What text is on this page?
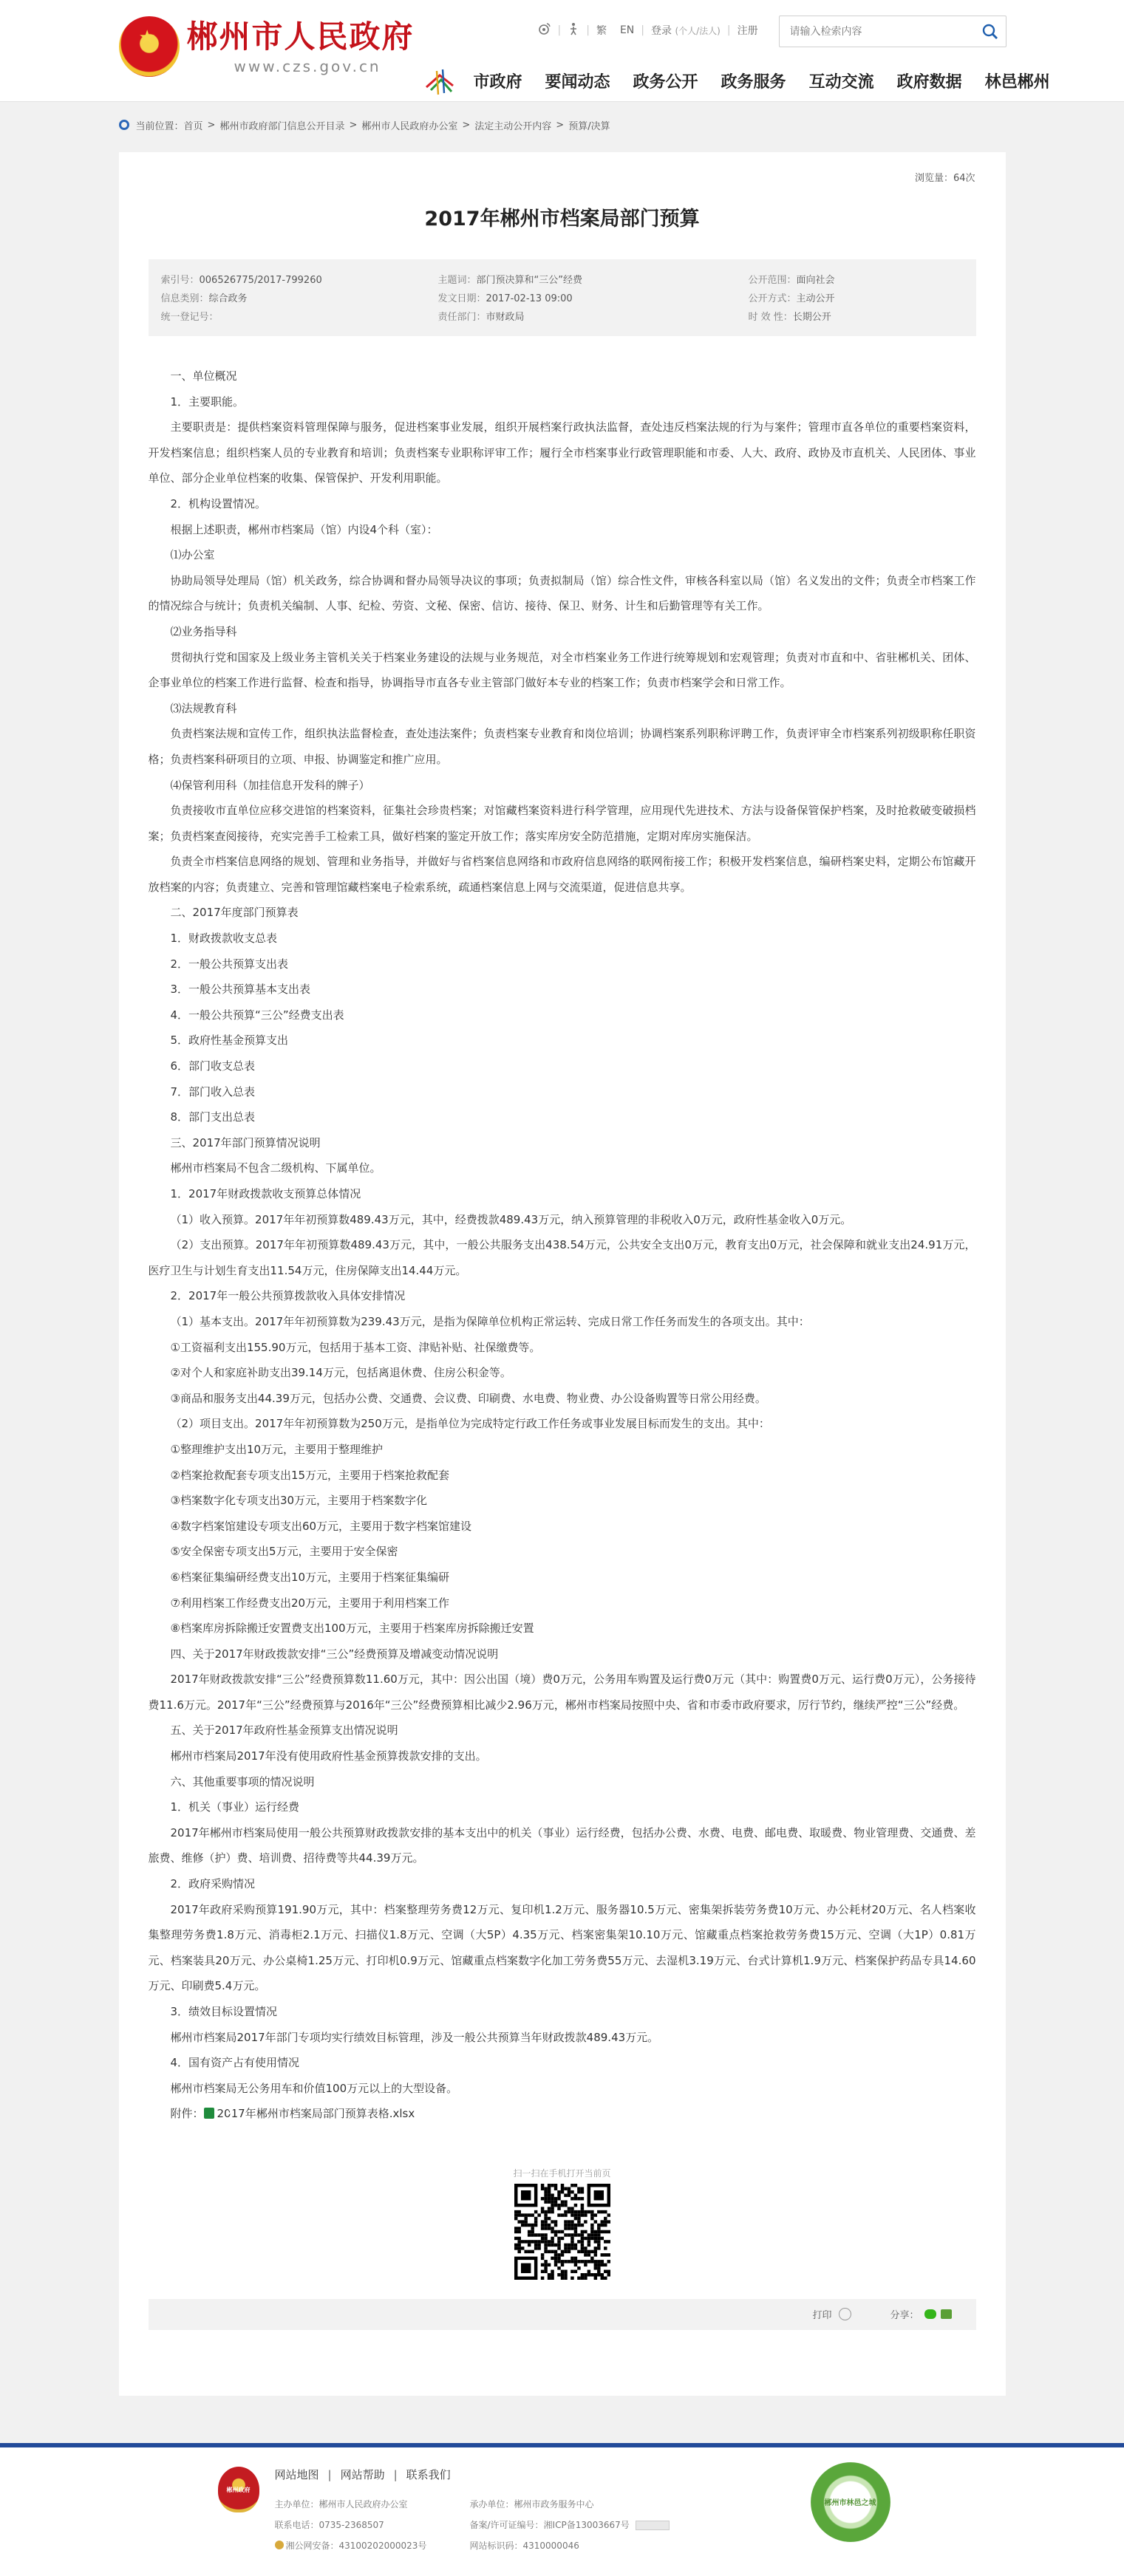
★
郴州市人民政府
www.czs.gov.cn
| | 繁 EN | 登录 (个人/法人) | 注册
请输入检索内容
市政府 要闻动态 政务公开 政务服务 互动交流 政府数据 林邑郴州
当前位置： 首页 > 郴州市政府部门信息公开目录 > 郴州市人民政府办公室 > 法定主动公开内容 > 预算/决算
浏览量：64次
2017年郴州市档案局部门预算
索引号：006526775/2017-799260	主题词：部门预决算和“三公”经费	公开范围：面向社会
信息类别：综合政务	发文日期：2017-02-13 09:00	公开方式：主动公开
统一登记号：	责任部门：市财政局	时 效 性：长期公开

一、单位概况

1．主要职能。

主要职责是：提供档案资料管理保障与服务，促进档案事业发展，组织开展档案行政执法监督，查处违反档案法规的行为与案件；管理市直各单位的重要档案资料，开发档案信息；组织档案人员的专业教育和培训；负责档案专业职称评审工作；履行全市档案事业行政管理职能和市委、人大、政府、政协及市直机关、人民团体、事业单位、部分企业单位档案的收集、保管保护、开发利用职能。

2．机构设置情况。

根据上述职责，郴州市档案局（馆）内设4个科（室）：

⑴办公室

协助局领导处理局（馆）机关政务，综合协调和督办局领导决议的事项；负责拟制局（馆）综合性文件，审核各科室以局（馆）名义发出的文件；负责全市档案工作的情况综合与统计；负责机关编制、人事、纪检、劳资、文秘、保密、信访、接待、保卫、财务、计生和后勤管理等有关工作。

⑵业务指导科

贯彻执行党和国家及上级业务主管机关关于档案业务建设的法规与业务规范，对全市档案业务工作进行统筹规划和宏观管理；负责对市直和中、省驻郴机关、团体、企事业单位的档案工作进行监督、检查和指导，协调指导市直各专业主管部门做好本专业的档案工作；负责市档案学会和日常工作。

⑶法规教育科

负责档案法规和宣传工作，组织执法监督检查，查处违法案件；负责档案专业教育和岗位培训；协调档案系列职称评聘工作，负责评审全市档案系列初级职称任职资格；负责档案科研项目的立项、申报、协调鉴定和推广应用。

⑷保管利用科（加挂信息开发科的牌子）

负责接收市直单位应移交进馆的档案资料，征集社会珍贵档案；对馆藏档案资料进行科学管理，应用现代先进技术、方法与设备保管保护档案，及时抢救破变破损档案；负责档案查阅接待，充实完善手工检索工具，做好档案的鉴定开放工作；落实库房安全防范措施，定期对库房实施保洁。

负责全市档案信息网络的规划、管理和业务指导，并做好与省档案信息网络和市政府信息网络的联网衔接工作；积极开发档案信息，编研档案史料，定期公布馆藏开放档案的内容；负责建立、完善和管理馆藏档案电子检索系统，疏通档案信息上网与交流渠道，促进信息共享。

二、2017年度部门预算表

1．财政拨款收支总表

2．一般公共预算支出表

3．一般公共预算基本支出表

4．一般公共预算“三公”经费支出表

5．政府性基金预算支出

6．部门收支总表

7．部门收入总表

8．部门支出总表

三、2017年部门预算情况说明

郴州市档案局不包含二级机构、下属单位。

1．2017年财政拨款收支预算总体情况

（1）收入预算。2017年年初预算数489.43万元，其中，经费拨款489.43万元，纳入预算管理的非税收入0万元，政府性基金收入0万元。

（2）支出预算。2017年年初预算数489.43万元，其中，一般公共服务支出438.54万元，公共安全支出0万元，教育支出0万元，社会保障和就业支出24.91万元，医疗卫生与计划生育支出11.54万元，住房保障支出14.44万元。

2．2017年一般公共预算拨款收入具体安排情况

（1）基本支出。2017年年初预算数为239.43万元，是指为保障单位机构正常运转、完成日常工作任务而发生的各项支出。其中：

①工资福利支出155.90万元，包括用于基本工资、津贴补贴、社保缴费等。

②对个人和家庭补助支出39.14万元，包括离退休费、住房公积金等。

③商品和服务支出44.39万元，包括办公费、交通费、会议费、印刷费、水电费、物业费、办公设备购置等日常公用经费。

（2）项目支出。2017年年初预算数为250万元，是指单位为完成特定行政工作任务或事业发展目标而发生的支出。其中：

①整理维护支出10万元，主要用于整理维护

②档案抢救配套专项支出15万元，主要用于档案抢救配套

③档案数字化专项支出30万元，主要用于档案数字化

④数字档案馆建设专项支出60万元，主要用于数字档案馆建设

⑤安全保密专项支出5万元，主要用于安全保密

⑥档案征集编研经费支出10万元，主要用于档案征集编研

⑦利用档案工作经费支出20万元，主要用于利用档案工作

⑧档案库房拆除搬迁安置费支出100万元，主要用于档案库房拆除搬迁安置

四、关于2017年财政拨款安排“三公”经费预算及增减变动情况说明

2017年财政拨款安排“三公”经费预算数11.60万元，其中：因公出国（境）费0万元，公务用车购置及运行费0万元（其中：购置费0万元、运行费0万元），公务接待费11.6万元。2017年“三公”经费预算与2016年“三公”经费预算相比减少2.96万元，郴州市档案局按照中央、省和市委市政府要求，厉行节约，继续严控“三公”经费。

五、关于2017年政府性基金预算支出情况说明

郴州市档案局2017年没有使用政府性基金预算拨款安排的支出。

六、其他重要事项的情况说明

1．机关（事业）运行经费

2017年郴州市档案局使用一般公共预算财政拨款安排的基本支出中的机关（事业）运行经费，包括办公费、水费、电费、邮电费、取暖费、物业管理费、交通费、差旅费、维修（护）费、培训费、招待费等共44.39万元。

2．政府采购情况

2017年政府采购预算191.90万元，其中：档案整理劳务费12万元、复印机1.2万元、服务器10.5万元、密集架拆装劳务费10万元、办公耗材20万元、名人档案收集整理劳务费1.8万元、消毒柜2.1万元、扫描仪1.8万元、空调（大5P）4.35万元、档案密集架10.10万元、馆藏重点档案抢救劳务费15万元、空调（大1P）0.81万元、档案装具20万元、办公桌椅1.25万元、打印机0.9万元、馆藏重点档案数字化加工劳务费55万元、去湿机3.19万元、台式计算机1.9万元、档案保护药品专具14.60万元、印刷费5.4万元。

3．绩效目标设置情况

郴州市档案局2017年部门专项均实行绩效目标管理，涉及一般公共预算当年财政拨款489.43万元。

4．国有资产占有使用情况

郴州市档案局无公务用车和价值100万元以上的大型设备。

附件：X 2017年郴州市档案局部门预算表格.xlsx

扫一扫在手机打开当前页
打印	分享：
郴州政府
网站地图 | 网站帮助 | 联系我们
主办单位：郴州市人民政府办公室	承办单位：郴州市政务服务中心
联系电话：0735-2368507	备案/许可证编号：湘ICP备13003667号
湘公网安备：43100202000023号	网站标识码：4310000046
郴州市林邑之城
